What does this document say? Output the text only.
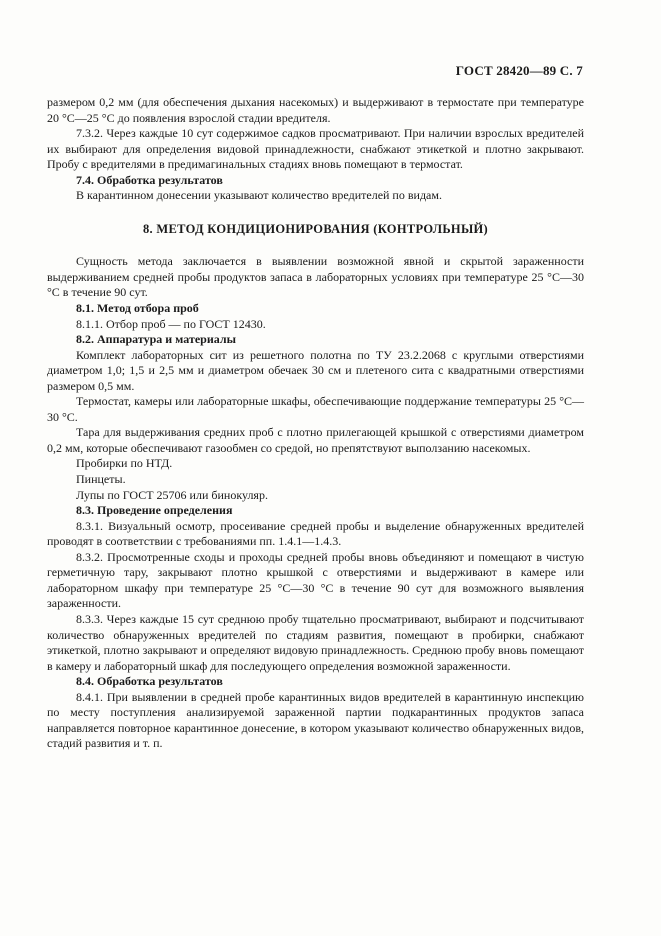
ГОСТ 28420—89 С. 7

размером 0,2 мм (для обеспечения дыхания насекомых) и выдерживают в термостате при температуре 20 °С—25 °С до появления взрослой стадии вредителя.

7.3.2. Через каждые 10 сут содержимое садков просматривают. При наличии взрослых вредителей их выбирают для определения видовой принадлежности, снабжают этикеткой и плотно закрывают. Пробу с вредителями в предимагинальных стадиях вновь помещают в термостат.

7.4. Обработка результатов

В карантинном донесении указывают количество вредителей по видам.

8. МЕТОД КОНДИЦИОНИРОВАНИЯ (КОНТРОЛЬНЫЙ)

Сущность метода заключается в выявлении возможной явной и скрытой зараженности выдерживанием средней пробы продуктов запаса в лабораторных условиях при температуре 25 °С—30 °С в течение 90 сут.

8.1. Метод отбора проб

8.1.1. Отбор проб — по ГОСТ 12430.

8.2. Аппаратура и материалы

Комплект лабораторных сит из решетного полотна по ТУ 23.2.2068 с круглыми отверстиями диаметром 1,0; 1,5 и 2,5 мм и диаметром обечаек 30 см и плетеного сита с квадратными отверстиями размером 0,5 мм.

Термостат, камеры или лабораторные шкафы, обеспечивающие поддержание температуры 25 °С—30 °С.

Тара для выдерживания средних проб с плотно прилегающей крышкой с отверстиями диаметром 0,2 мм, которые обеспечивают газообмен со средой, но препятствуют выползанию насекомых.

Пробирки по НТД.

Пинцеты.

Лупы по ГОСТ 25706 или бинокуляр.

8.3. Проведение определения

8.3.1. Визуальный осмотр, просеивание средней пробы и выделение обнаруженных вредителей проводят в соответствии с требованиями пп. 1.4.1—1.4.3.

8.3.2. Просмотренные сходы и проходы средней пробы вновь объединяют и помещают в чистую герметичную тару, закрывают плотно крышкой с отверстиями и выдерживают в камере или лабораторном шкафу при температуре 25 °С—30 °С в течение 90 сут для возможного выявления зараженности.

8.3.3. Через каждые 15 сут среднюю пробу тщательно просматривают, выбирают и подсчитывают количество обнаруженных вредителей по стадиям развития, помещают в пробирки, снабжают этикеткой, плотно закрывают и определяют видовую принадлежность. Среднюю пробу вновь помещают в камеру и лабораторный шкаф для последующего определения возможной зараженности.

8.4. Обработка результатов

8.4.1. При выявлении в средней пробе карантинных видов вредителей в карантинную инспекцию по месту поступления анализируемой зараженной партии подкарантинных продуктов запаса направляется повторное карантинное донесение, в котором указывают количество обнаруженных видов, стадий развития и т. п.
